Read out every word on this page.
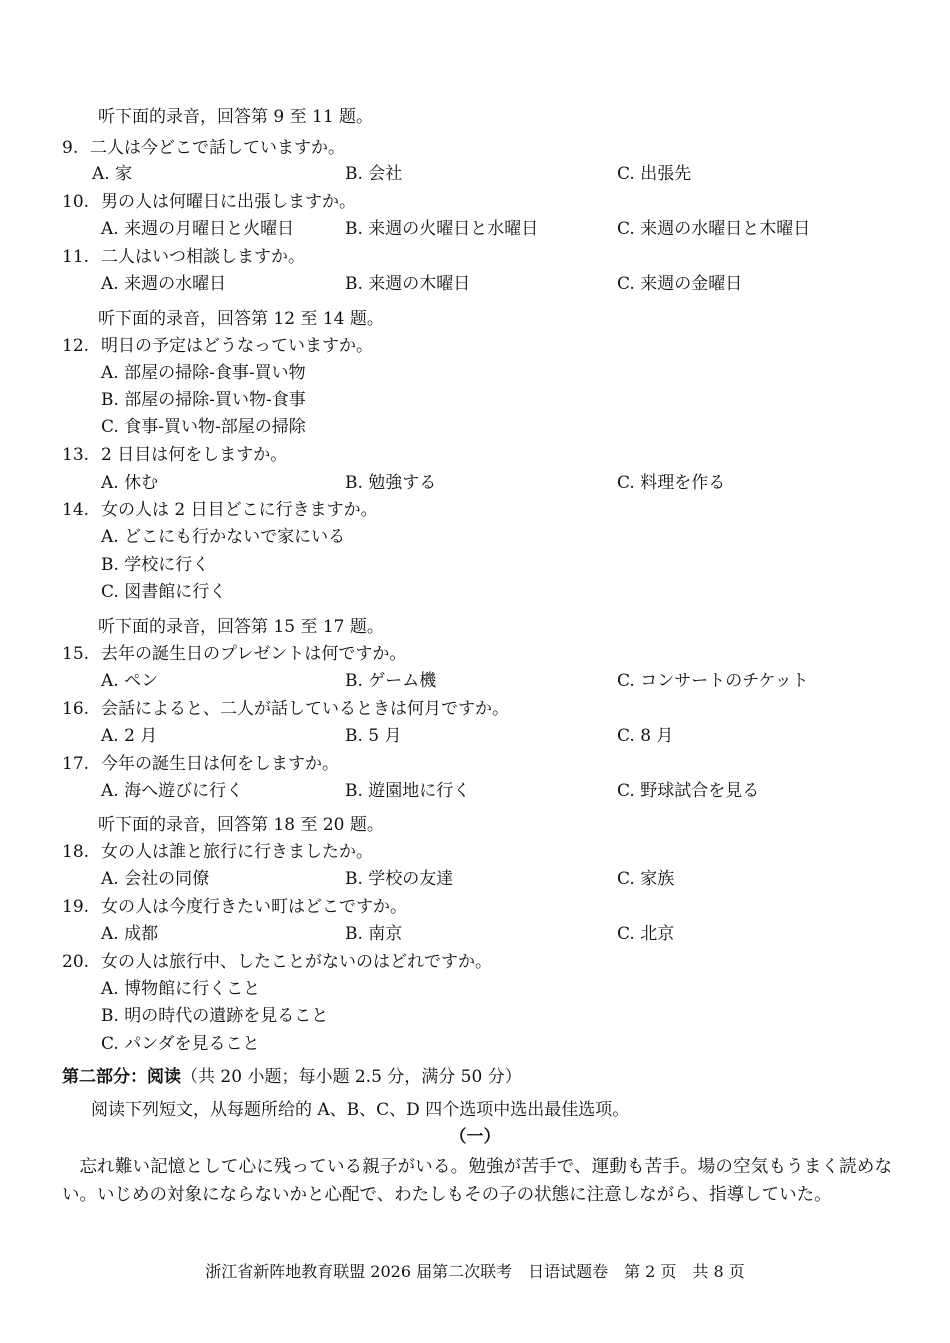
听下面的录音，回答第 9 至 11 题。
9. 二人は今どこで話していますか。
A. 家	B. 会社	C. 出張先
10. 男の人は何曜日に出張しますか。
A. 来週の月曜日と火曜日	B. 来週の火曜日と水曜日	C. 来週の水曜日と木曜日
11. 二人はいつ相談しますか。
A. 来週の水曜日	B. 来週の木曜日	C. 来週の金曜日
听下面的录音，回答第 12 至 14 题。
12. 明日の予定はどうなっていますか。
A. 部屋の掃除-食事-買い物
B. 部屋の掃除-買い物-食事
C. 食事-買い物-部屋の掃除
13. 2 日目は何をしますか。
A. 休む	B. 勉強する	C. 料理を作る
14. 女の人は 2 日目どこに行きますか。
A. どこにも行かないで家にいる
B. 学校に行く
C. 図書館に行く
听下面的录音，回答第 15 至 17 题。
15. 去年の誕生日のプレゼントは何ですか。
A. ペン	B. ゲーム機	C. コンサートのチケット
16. 会話によると、二人が話しているときは何月ですか。
A. 2 月	B. 5 月	C. 8 月
17. 今年の誕生日は何をしますか。
A. 海へ遊びに行く	B. 遊園地に行く	C. 野球試合を見る
听下面的录音，回答第 18 至 20 题。
18. 女の人は誰と旅行に行きましたか。
A. 会社の同僚	B. 学校の友達	C. 家族
19. 女の人は今度行きたい町はどこですか。
A. 成都	B. 南京	C. 北京
20. 女の人は旅行中、したことがないのはどれですか。
A. 博物館に行くこと
B. 明の時代の遺跡を見ること
C. パンダを見ること
第二部分：阅读（共 20 小题；每小题 2.5 分，满分 50 分）
阅读下列短文，从每题所给的 A、B、C、D 四个选项中选出最佳选项。
（一）
忘れ難い記憶として心に残っている親子がいる。勉強が苦手で、運動も苦手。場の空気もうまく読めない。いじめの対象にならないかと心配で、わたしもその子の状態に注意しながら、指導していた。
浙江省新阵地教育联盟 2026 届第二次联考　日语试题卷　第 2 页　共 8 页
